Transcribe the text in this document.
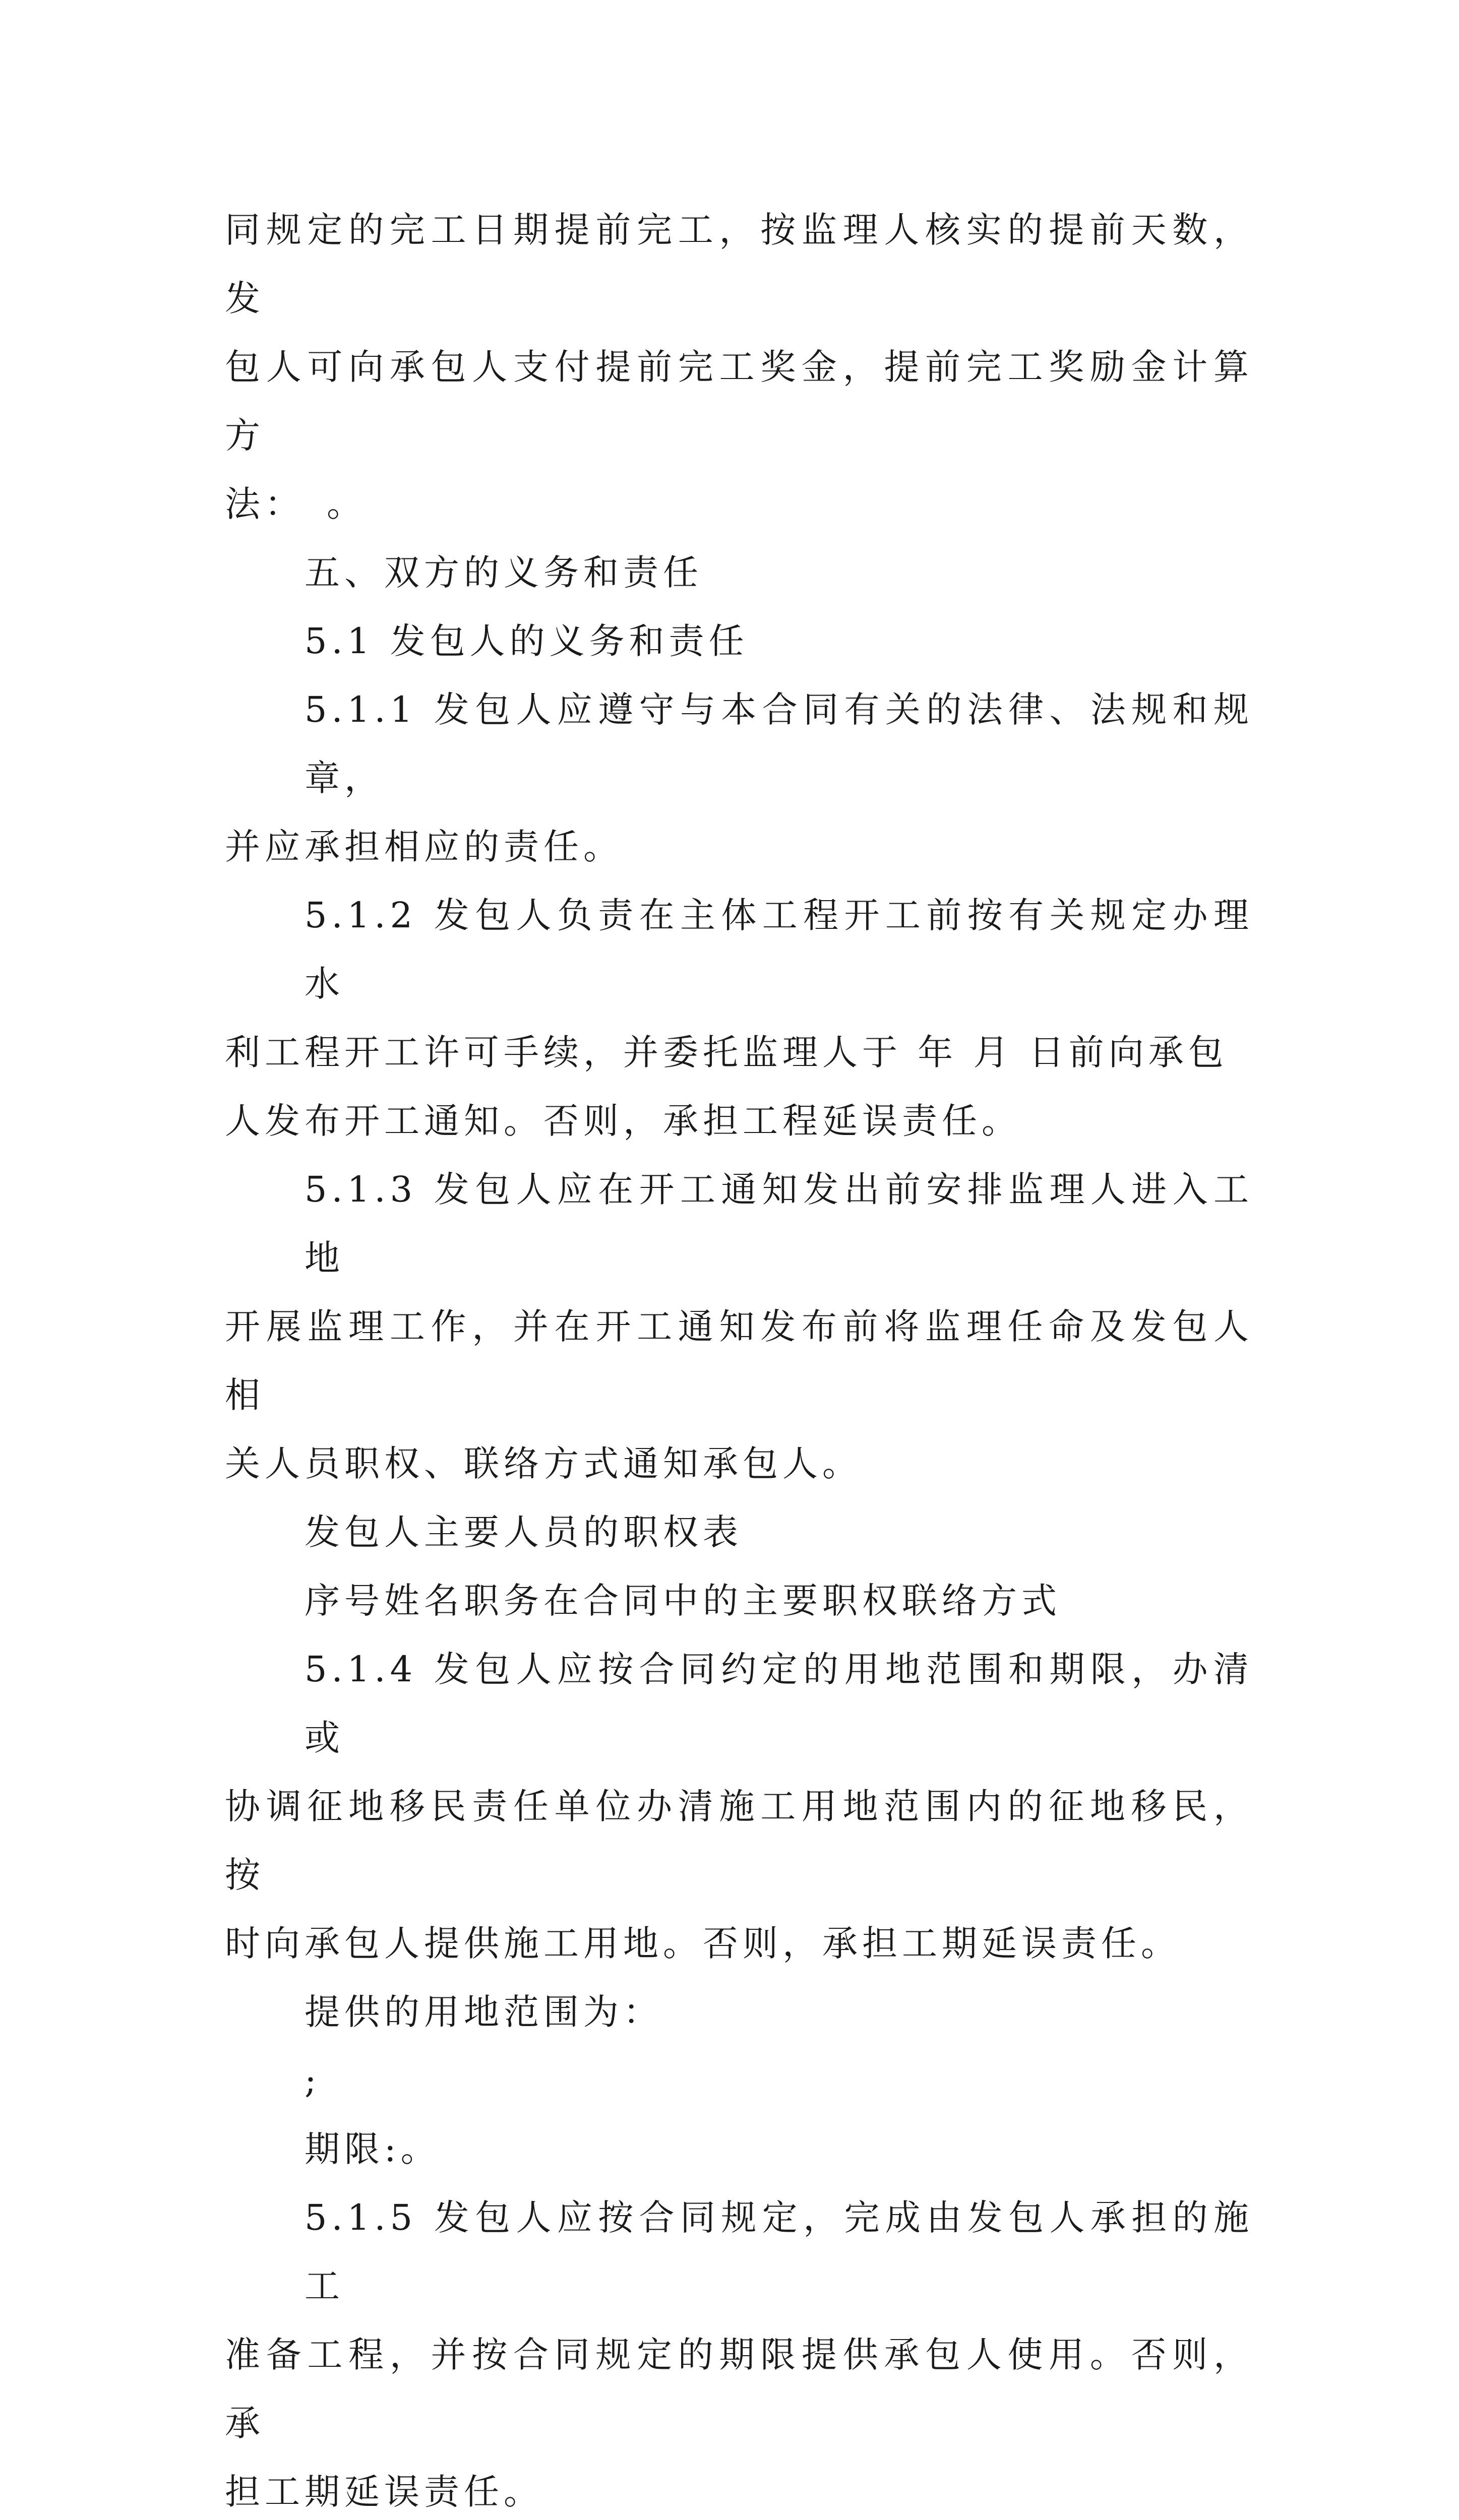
同规定的完工日期提前完工，按监理人核实的提前天数，发

包人可向承包人支付提前完工奖金，提前完工奖励金计算方

法：　。

五、双方的义务和责任

5.1 发包人的义务和责任

5.1.1 发包人应遵守与本合同有关的法律、法规和规章，

并应承担相应的责任。

5.1.2 发包人负责在主体工程开工前按有关规定办理水

利工程开工许可手续，并委托监理人于 年 月 日前向承包

人发布开工通知。否则，承担工程延误责任。

5.1.3 发包人应在开工通知发出前安排监理人进入工地

开展监理工作，并在开工通知发布前将监理任命及发包人相

关人员职权、联络方式通知承包人。

发包人主要人员的职权表

序号姓名职务在合同中的主要职权联络方式

5.1.4 发包人应按合同约定的用地范围和期限，办清或

协调征地移民责任单位办清施工用地范围内的征地移民，按

时向承包人提供施工用地。否则，承担工期延误责任。

提供的用地范围为：

;

期限:。

5.1.5 发包人应按合同规定，完成由发包人承担的施工

准备工程，并按合同规定的期限提供承包人使用。否则，承

担工期延误责任。
